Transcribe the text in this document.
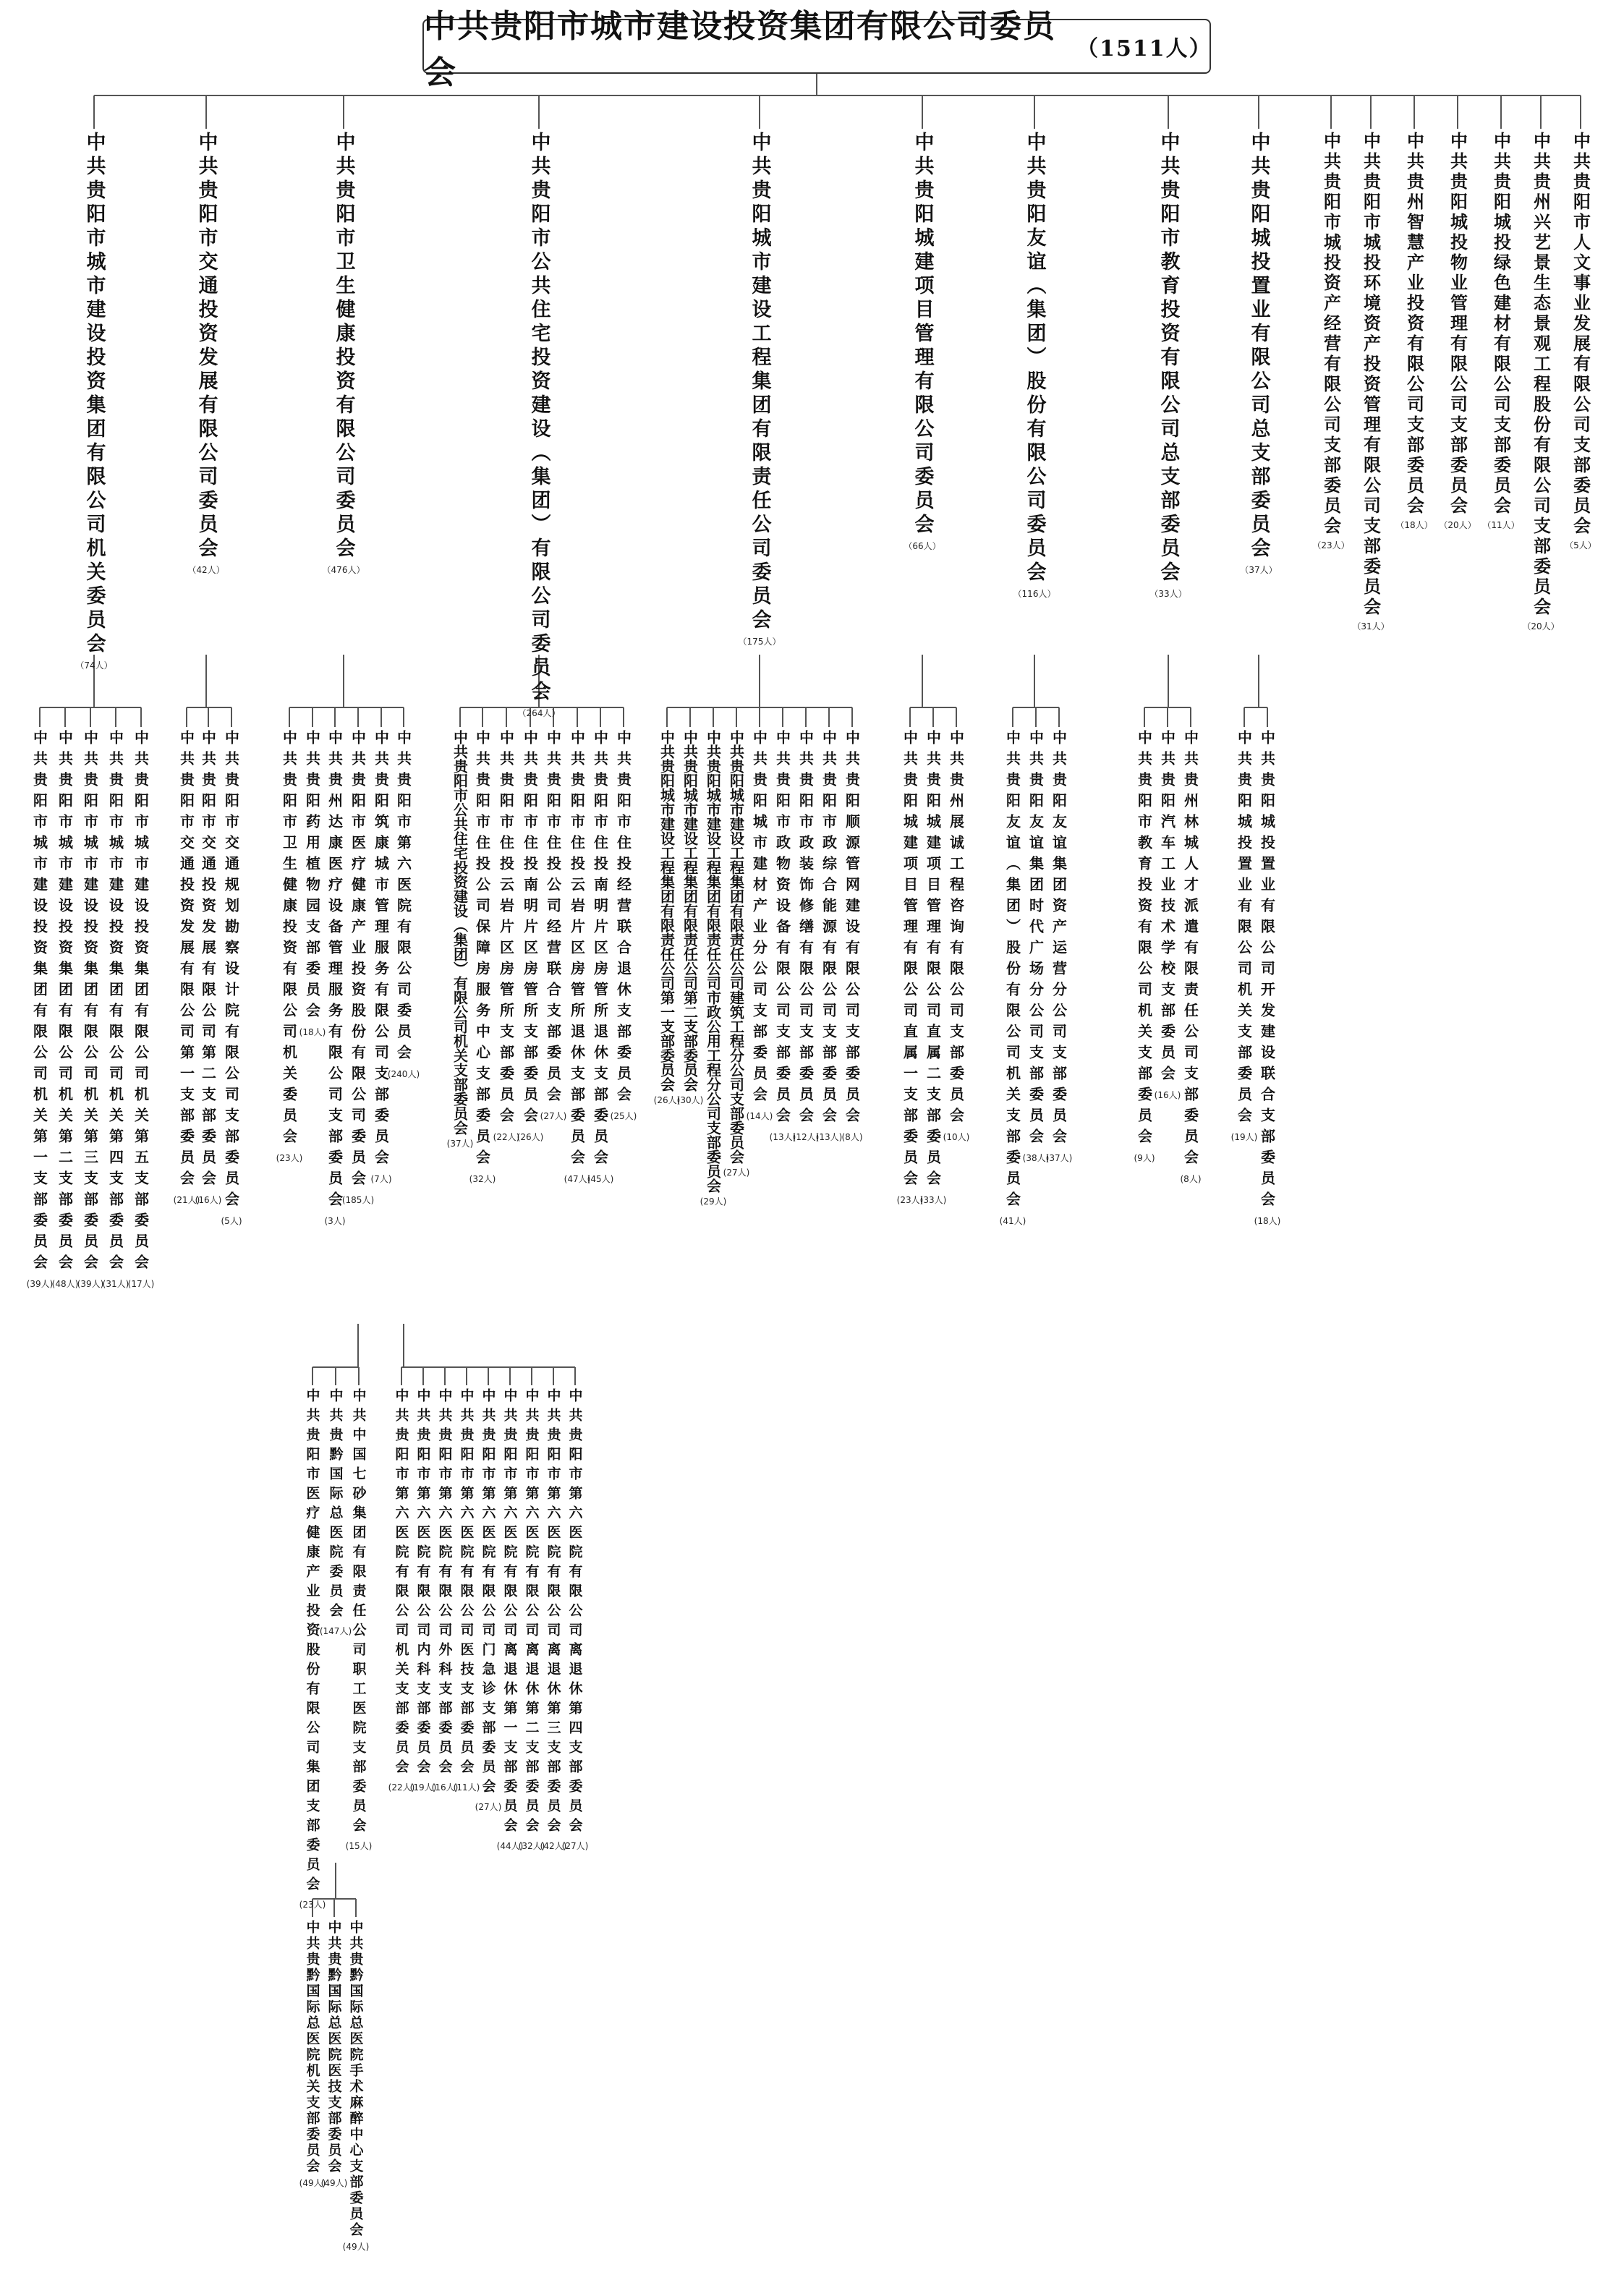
中共贵阳市城市建设投资集团有限公司委员会
（1511人）
中共贵阳市城市建设投资集团有限公司机关委员会
（74人）
中共贵阳市交通投资发展有限公司委员会
（42人）
中共贵阳市卫生健康投资有限公司委员会
（476人）	中共贵阳市公共住宅投资建设（集团）有限公司委员会
（264人）
中共贵阳城市建设工程集团有限责任公司委员会
（175人）
中共贵阳城建项目管理有限公司委员会
（66人）	中共贵阳友谊（集团）股份有限公司委员会
（116人）
中共贵阳市教育投资有限公司总支部委员会
（33人）
中共贵阳城投置业有限公司总支部委员会
（37人）
中共贵阳市城投资产经营有限公司支部委员会
（23人） 中共贵阳市城投环境资产投资管理有限公司支部委员会
（31人）
中共贵州智慧产业投资有限公司支部委员会
（18人）
中共贵阳城投物业管理有限公司支部委员会
（20人）
中共贵阳城投绿色建材有限公司支部委员会
（11人） 中共贵州兴艺景生态景观工程股份有限公司支部委员会
（20人）
中共贵阳市人文事业发展有限公司支部委员会
（5人）
中共贵阳市城市建设投资集团有限公司机关第一支部委员会
(39人)
中共贵阳市城市建设投资集团有限公司机关第二支部委员会
(48人)
中共贵阳市城市建设投资集团有限公司机关第三支部委员会
(39人)
中共贵阳市城市建设投资集团有限公司机关第四支部委员会
(31人)
中共贵阳市城市建设投资集团有限公司机关第五支部委员会
(17人)
中共贵阳市交通投资发展有限公司第一支部委员会
(21人)
中共贵阳市交通投资发展有限公司第二支部委员会
(16人) 中共贵阳市交通规划勘察设计院有限公司支部委员会
(5人)
中共贵阳市卫生健康投资有限公司机关委员会
(23人)
中共贵阳药用植物园支部委员会
(18人) 中共贵州达康医疗设备管理服务有限公司支部委员会
(3人)
中共贵阳市医疗健康产业投资股份有限公司委员会
(185人)
中共贵阳筑康城市管理服务有限公司支部委员会
(7人)
中共贵阳市第六医院有限公司委员会
(240人) 中共贵阳市公共住宅投资建设（集团）有限公司机关支部委员会
(37人) 中共贵阳市住投公司保障房服务中心支部委员会
(32人)
中共贵阳市住投云岩片区房管所支部委员会
(22人)
中共贵阳市住投南明片区房管所支部委员会
(26人)
中共贵阳市住投公司经营联合支部委员会
(27人) 中共贵阳市住投云岩片区房管所退休支部委员会
(47人)
中共贵阳市住投南明片区房管所退休支部委员会
(45人)
中共贵阳市住投经营联合退休支部委员会
(25人)
中共贵阳城市建设工程集团有限责任公司第一支部委员会
(26人)
中共贵阳城市建设工程集团有限责任公司第二支部委员会
(30人) 中共贵阳城市建设工程集团有限责任公司市政公用工程分公司支部委员会
(29人)
中共贵阳城市建设工程集团有限责任公司建筑工程分公司支部委员会
(27人)
中共贵阳城市建材产业分公司支部委员会
(14人) 中共贵阳市政物资设备有限公司支部委员会
(13人)
中共贵阳市政装饰修缮有限公司支部委员会
(12人)
中共贵阳市政综合能源有限公司支部委员会
(13人)
中共贵阳顺源管网建设有限公司支部委员会
(8人)	中共贵阳城建项目管理有限公司直属一支部委员会
(23人)
中共贵阳城建项目管理有限公司直属二支部委员会
(33人)
中共贵州展诚工程咨询有限公司支部委员会
(10人) 中共贵阳友谊（集团）股份有限公司机关支部委员会
(41人)
中共贵阳友谊集团时代广场分公司支部委员会
(38人)
中共贵阳友谊集团资产运营分公司支部委员会
(37人)
中共贵阳市教育投资有限公司机关支部委员会
(9人)
中共贵阳汽车工业技术学校支部委员会
(16人) 中共贵州林城人才派遣有限责任公司支部委员会
(8人)
中共贵阳城投置业有限公司机关支部委员会
(19人) 中共贵阳城投置业有限公司开发建设联合支部委员会
(18人)
中共贵阳市医疗健康产业投资股份有限公司集团支部委员会
(23人)
中共贵黔国际总医院委员会
(147人)
中共中国七砂集团有限责任公司职工医院支部委员会
(15人)
中共贵阳市第六医院有限公司机关支部委员会
(22人)
中共贵阳市第六医院有限公司内科支部委员会
(19人)
中共贵阳市第六医院有限公司外科支部委员会
(16人)
中共贵阳市第六医院有限公司医技支部委员会
(11人) 中共贵阳市第六医院有限公司门急诊支部委员会
(27人) 中共贵阳市第六医院有限公司离退休第一支部委员会
(44人)
中共贵阳市第六医院有限公司离退休第二支部委员会
(32人)
中共贵阳市第六医院有限公司离退休第三支部委员会
(42人)
中共贵阳市第六医院有限公司离退休第四支部委员会
(27人)
中共贵黔国际总医院机关支部委员会
(49人)
中共贵黔国际总医院医技支部委员会
(49人) 中共贵黔国际总医院手术麻醉中心支部委员会
(49人)
